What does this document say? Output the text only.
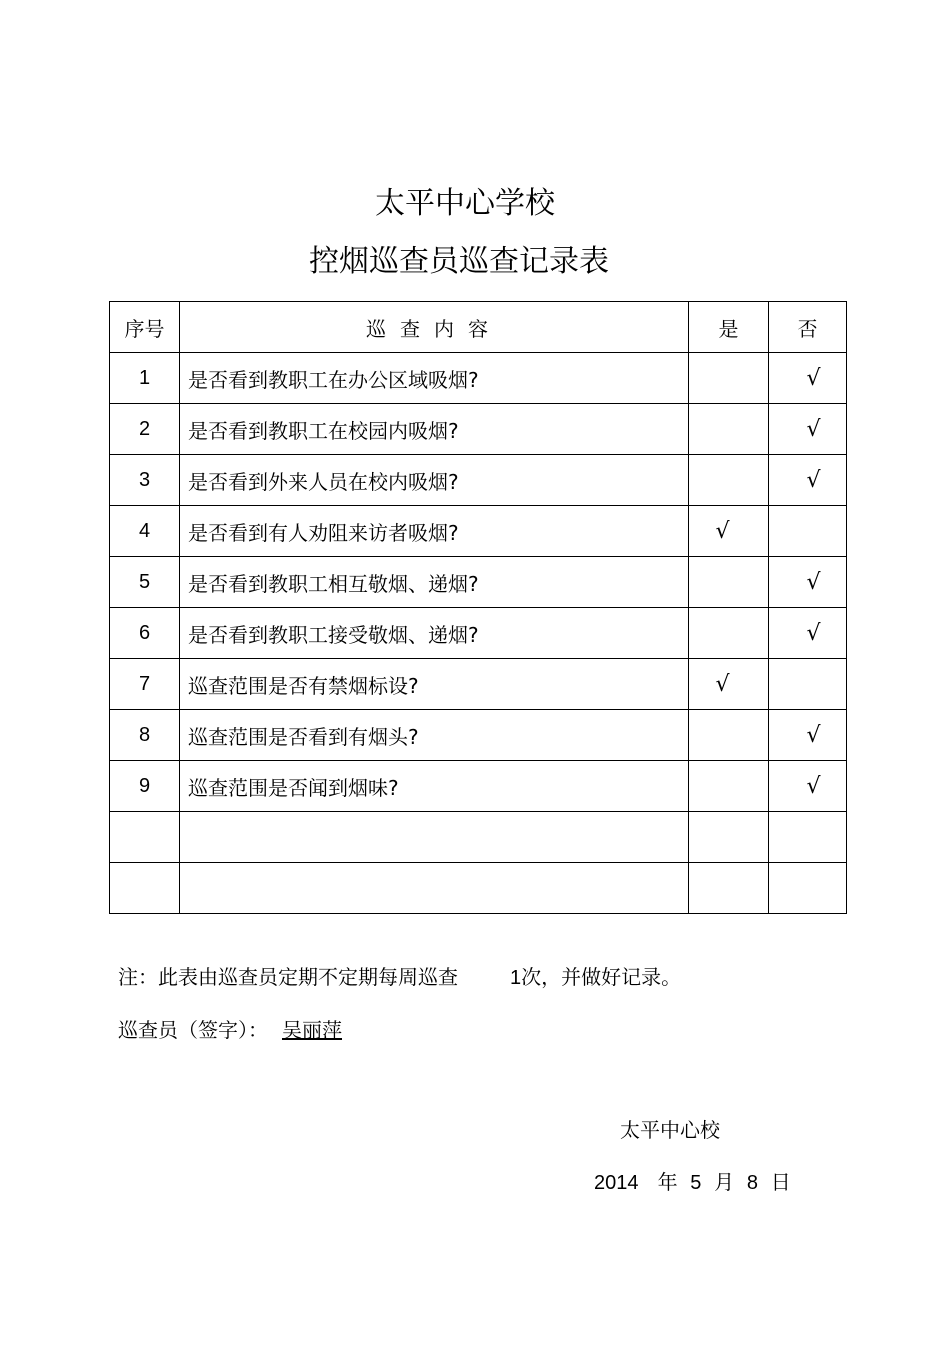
太平中心学校
控烟巡查员巡查记录表
序号	巡查内容	是	否
1	是否看到教职工在办公区域吸烟?		√
2	是否看到教职工在校园内吸烟?		√
3	是否看到外来人员在校内吸烟?		√
4	是否看到有人劝阻来访者吸烟?	√	
5	是否看到教职工相互敬烟、递烟?		√
6	是否看到教职工接受敬烟、递烟?		√
7	巡查范围是否有禁烟标设?	√	
8	巡查范围是否看到有烟头?		√
9	巡查范围是否闻到烟味?		√

注：此表由巡查员定期不定期每周巡查	1次，并做好记录。
巡查员（签字）： 吴丽萍
太平中心校
2014 年 5 月 8 日
